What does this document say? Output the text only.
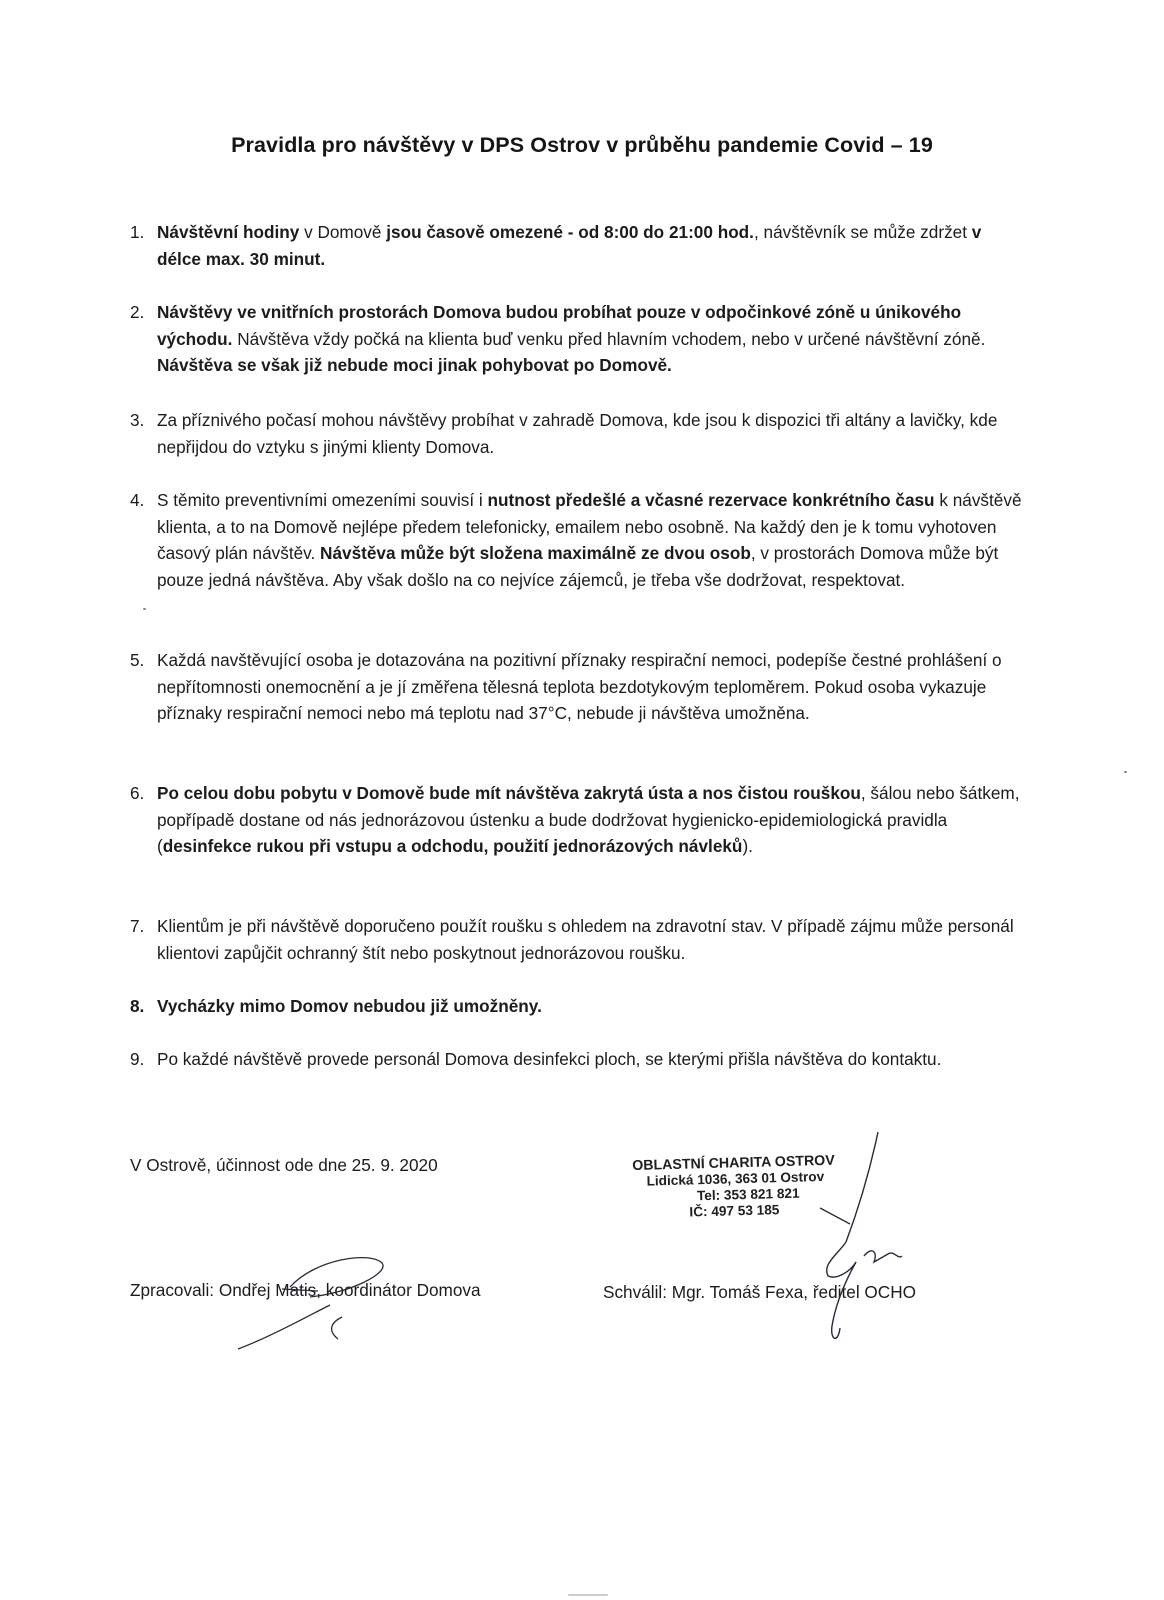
Pravidla pro návštěvy v DPS Ostrov v průběhu pandemie Covid – 19
1. Návštěvní hodiny v Domově jsou časově omezené - od 8:00 do 21:00 hod., návštěvník se může zdržet v délce max. 30 minut.
2. Návštěvy ve vnitřních prostorách Domova budou probíhat pouze v odpočinkové zóně u únikového východu. Návštěva vždy počká na klienta buď venku před hlavním vchodem, nebo v určené návštěvní zóně. Návštěva se však již nebude moci jinak pohybovat po Domově.
3. Za příznivého počasí mohou návštěvy probíhat v zahradě Domova, kde jsou k dispozici tři altány a lavičky, kde nepřijdou do vztyku s jinými klienty Domova.
4. S těmito preventivními omezeními souvisí i nutnost předešlé a včasné rezervace konkrétního času k návštěvě klienta, a to na Domově nejlépe předem telefonicky, emailem nebo osobně. Na každý den je k tomu vyhotoven časový plán návštěv. Návštěva může být složena maximálně ze dvou osob, v prostorách Domova může být pouze jedná návštěva. Aby však došlo na co nejvíce zájemců, je třeba vše dodržovat, respektovat.
5. Každá navštěvující osoba je dotazována na pozitivní příznaky respirační nemoci, podepíše čestné prohlášení o nepřítomnosti onemocnění a je jí změřena tělesná teplota bezdotykovým teploměrem. Pokud osoba vykazuje příznaky respirační nemoci nebo má teplotu nad 37°C, nebude ji návštěva umožněna.
6. Po celou dobu pobytu v Domově bude mít návštěva zakrytá ústa a nos čistou rouškou, šálou nebo šátkem, popřípadě dostane od nás jednorázovou ústenku a bude dodržovat hygienicko-epidemiologická pravidla (desinfekce rukou při vstupu a odchodu, použití jednorázových návleků).
7. Klientům je při návštěvě doporučeno použít roušku s ohledem na zdravotní stav. V případě zájmu může personál klientovi zapůjčit ochranný štít nebo poskytnout jednorázovou roušku.
8. Vycházky mimo Domov nebudou již umožněny.
9. Po každé návštěvě provede personál Domova desinfekci ploch, se kterými přišla návštěva do kontaktu.
V Ostrově, účinnost ode dne 25. 9. 2020
Zpracovali: Ondřej Matis, koordinátor Domova	Schválil: Mgr. Tomáš Fexa, ředitel OCHO
OBLASTNÍ CHARITA OSTROV
Lidická 1036, 363 01 Ostrov
Tel: 353 821 821
IČ: 497 53 185
